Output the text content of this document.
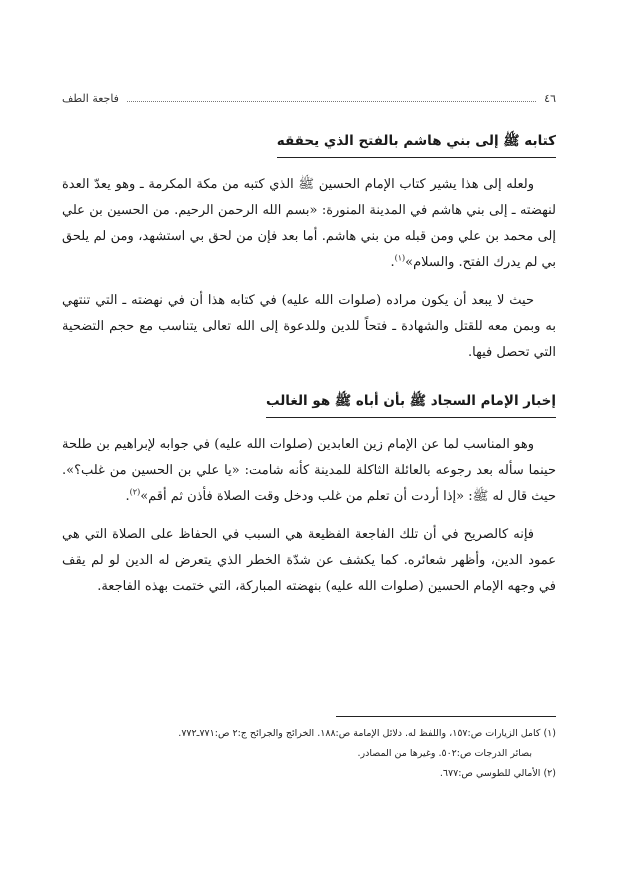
٤٦
فاجعة الطف
كتابه ﷺ إلى بني هاشم بالفتح الذي يحققه

ولعله إلى هذا يشير كتاب الإمام الحسين ﷺ الذي كتبه من مكة المكرمة ـ وهو يعدّ العدة لنهضته ـ إلى بني هاشم في المدينة المنورة: «بسم الله الرحمن الرحيم. من الحسين بن علي إلى محمد بن علي ومن قبله من بني هاشم. أما بعد فإن من لحق بي استشهد، ومن لم يلحق بي لم يدرك الفتح. والسلام»$^{(١)}$.

حيث لا يبعد أن يكون مراده (صلوات الله عليه) في كتابه هذا أن في نهضته ـ التي تنتهي به وبمن معه للقتل والشهادة ـ فتحاً للدين وللدعوة إلى الله تعالى يتناسب مع حجم التضحية التي تحصل فيها.

إخبار الإمام السجاد ﷺ بأن أباه ﷺ هو الغالب

وهو المناسب لما عن الإمام زين العابدين (صلوات الله عليه) في جوابه لإبراهيم بن طلحة حينما سأله بعد رجوعه بالعائلة الثاكلة للمدينة كأنه شامت: «يا علي بن الحسين من غلب؟». حيث قال له ﷺ: «إذا أردت أن تعلم من غلب ودخل وقت الصلاة فأذن ثم أقم»$^{(٢)}$.

فإنه كالصريح في أن تلك الفاجعة الفظيعة هي السبب في الحفاظ على الصلاة التي هي عمود الدين، وأظهر شعائره. كما يكشف عن شدّة الخطر الذي يتعرض له الدين لو لم يقف في وجهه الإمام الحسين (صلوات الله عليه) بنهضته المباركة، التي ختمت بهذه الفاجعة.

(١) كامل الزيارات ص:١٥٧، واللفظ له. دلائل الإمامة ص:١٨٨. الخرائج والجرائح ج:٢ ص:٧٧١ـ٧٧٢.
بصائر الدرجات ص:٥٠٢. وغيرها من المصادر.
(٢) الأمالي للطوسي ص:٦٧٧.
